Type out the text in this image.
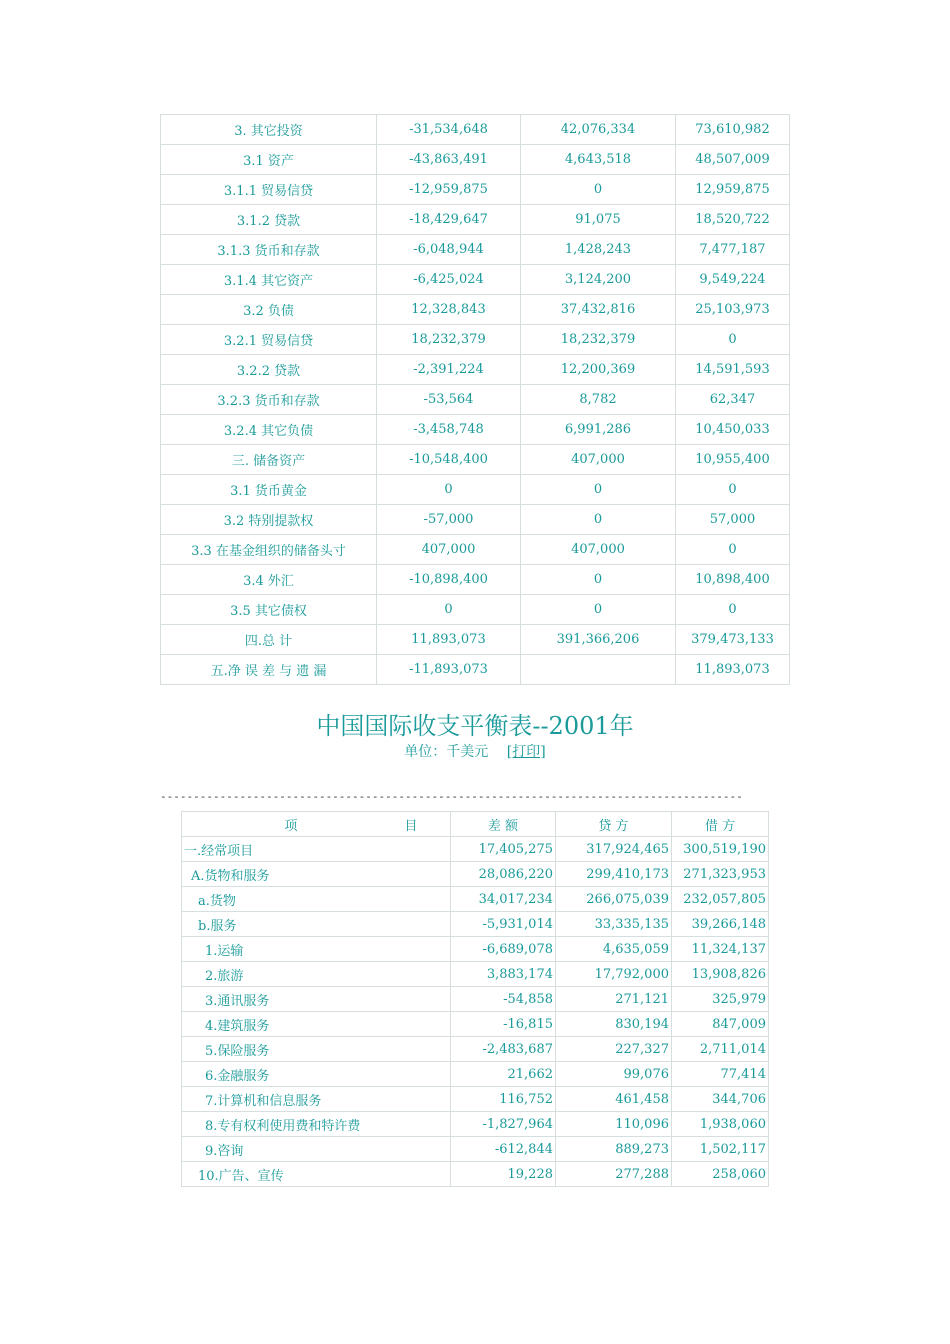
3. 其它投资	-31,534,648	42,076,334	73,610,982
3.1 资产	-43,863,491	4,643,518	48,507,009
3.1.1 贸易信贷	-12,959,875	0	12,959,875
3.1.2 贷款	-18,429,647	91,075	18,520,722
3.1.3 货币和存款	-6,048,944	1,428,243	7,477,187
3.1.4 其它资产	-6,425,024	3,124,200	9,549,224
3.2 负债	12,328,843	37,432,816	25,103,973
3.2.1 贸易信贷	18,232,379	18,232,379	0
3.2.2 贷款	-2,391,224	12,200,369	14,591,593
3.2.3 货币和存款	-53,564	8,782	62,347
3.2.4 其它负债	-3,458,748	6,991,286	10,450,033
三. 储备资产	-10,548,400	407,000	10,955,400
3.1 货币黄金	0	0	0
3.2 特别提款权	-57,000	0	57,000
3.3 在基金组织的储备头寸	407,000	407,000	0
3.4 外汇	-10,898,400	0	10,898,400
3.5 其它债权	0	0	0
四.总 计	11,893,073	391,366,206	379,473,133
五.净 误 差 与 遗 漏	-11,893,073		11,893,073
中国国际收支平衡表--2001年
单位：千美元 [打印]
----------------------------------------------------------------------------------------
项 目	差 额	贷 方	借 方
一.经常项目	17,405,275	317,924,465	300,519,190
A.货物和服务	28,086,220	299,410,173	271,323,953
a.货物	34,017,234	266,075,039	232,057,805
b.服务	-5,931,014	33,335,135	39,266,148
1.运输	-6,689,078	4,635,059	11,324,137
2.旅游	3,883,174	17,792,000	13,908,826
3.通讯服务	-54,858	271,121	325,979
4.建筑服务	-16,815	830,194	847,009
5.保险服务	-2,483,687	227,327	2,711,014
6.金融服务	21,662	99,076	77,414
7.计算机和信息服务	116,752	461,458	344,706
8.专有权利使用费和特许费	-1,827,964	110,096	1,938,060
9.咨询	-612,844	889,273	1,502,117
10.广告、宣传	19,228	277,288	258,060
